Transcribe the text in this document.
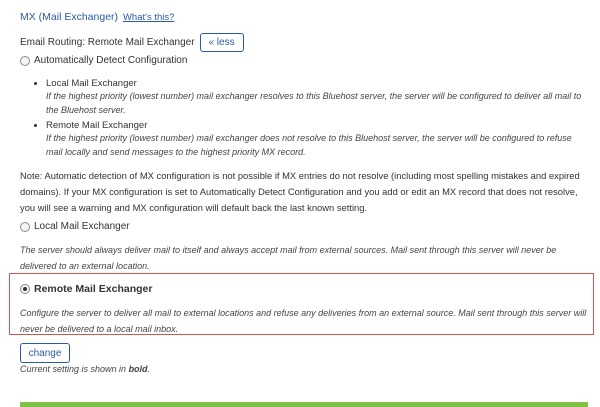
MX (Mail Exchanger) What's this?
Email Routing: Remote Mail Exchanger	« less
Automatically Detect Configuration
Local Mail Exchanger
If the highest priority (lowest number) mail exchanger resolves to this Bluehost server, the server will be configured to deliver all mail to the Bluehost server.
Remote Mail Exchanger
If the highest priority (lowest number) mail exchanger does not resolve to this Bluehost server, the server will be configured to refuse mail locally and send messages to the highest priority MX record.
Note: Automatic detection of MX configuration is not possible if MX entries do not resolve (including most spelling mistakes and expired domains). If your MX configuration is set to Automatically Detect Configuration and you add or edit an MX record that does not resolve, you will see a warning and MX configuration will default back the last known setting.
Local Mail Exchanger
The server should always deliver mail to itself and always accept mail from external sources. Mail sent through this server will never be delivered to an external location.
Remote Mail Exchanger
Configure the server to deliver all mail to external locations and refuse any deliveries from an external source. Mail sent through this server will never be delivered to a local mail inbox.
change
Current setting is shown in bold.
